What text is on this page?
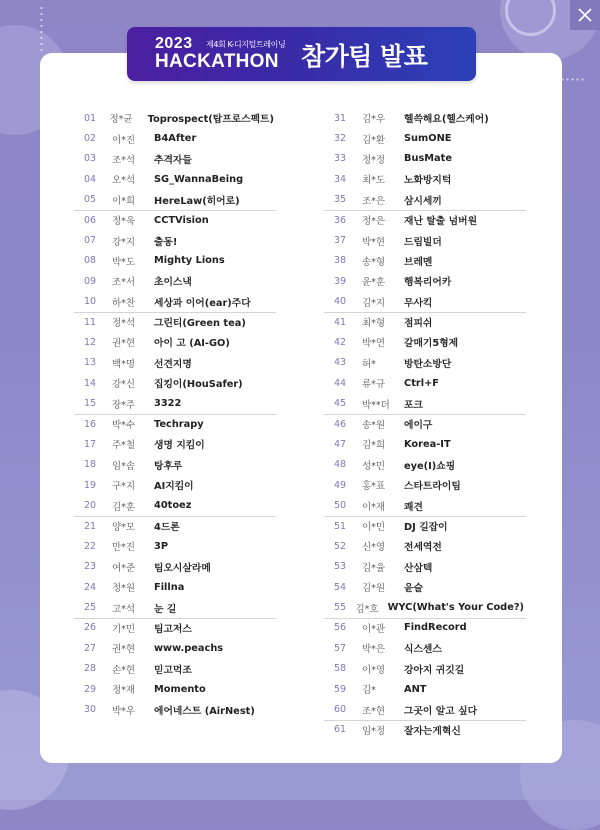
2023 제4회 K-디지털트레이닝
HACKATHON 참가팀 발표
01	정*균	Toprospect(탑프로스펙트)
02	이*진	B4After
03	조*석	추격자들
04	오*석	SG_WannaBeing
05	이*희	HereLaw(히어로)
06	정*욱	CCTVision
07	강*지	출동!
08	박*도	Mighty Lions
09	조*서	초이스낵
10	하*찬	세상과 이어(ear)주다
11	정*석	그린티(Green tea)
12	권*현	아이 고 (AI-GO)
13	백*명	선견지명
14	강*신	집킹이(HouSafer)
15	장*주	3322
16	박*수	Techrapy
17	주*철	생명 지킴이
18	임*솜	탕후루
19	구*지	AI지킴이
20	김*훈	40toez
21	양*모	4드론
22	만*진	3P
23	여*준	팀오시살라메
24	정*원	Fillna
25	고*석	눈 길
26	기*민	팀고저스
27	권*현	www.peachs
28	손*현	믿고먹조
29	정*재	Momento
30	박*우	에어네스트 (AirNest)
31	김*우	헬쓱해요(헬스케어)
32	김*환	SumONE
33	정*정	BusMate
34	최*도	노화방지턱
35	조*은	삼시세끼
36	정*은	재난 탈출 넘버원
37	박*현	드림빌더
38	송*형	브레멘
39	윤*훈	행복리어카
40	김*지	무사킥
41	최*형	점피쉬
42	박*연	갈매기5형제
43	허*	방탄소방단
44	류*규	Ctrl+F
45	박**더	포크
46	송*원	에이구
47	김*희	Korea-IT
48	성*민	eye(I)쇼핑
49	홍*표	스타트라이팀
50	이*재	쾌견
51	이*민	DJ 길잡이
52	신*영	전세역전
53	김*율	산삼텍
54	김*원	윤슬
55 김*호 WYC(What's Your Code?)
56	이*관	FindRecord
57	박*은	식스센스
58	이*영	강아지 귀깃길
59	김*	ANT
60	조*현	그곳이 알고 싶다
61	임*정	잘자는게혁신
